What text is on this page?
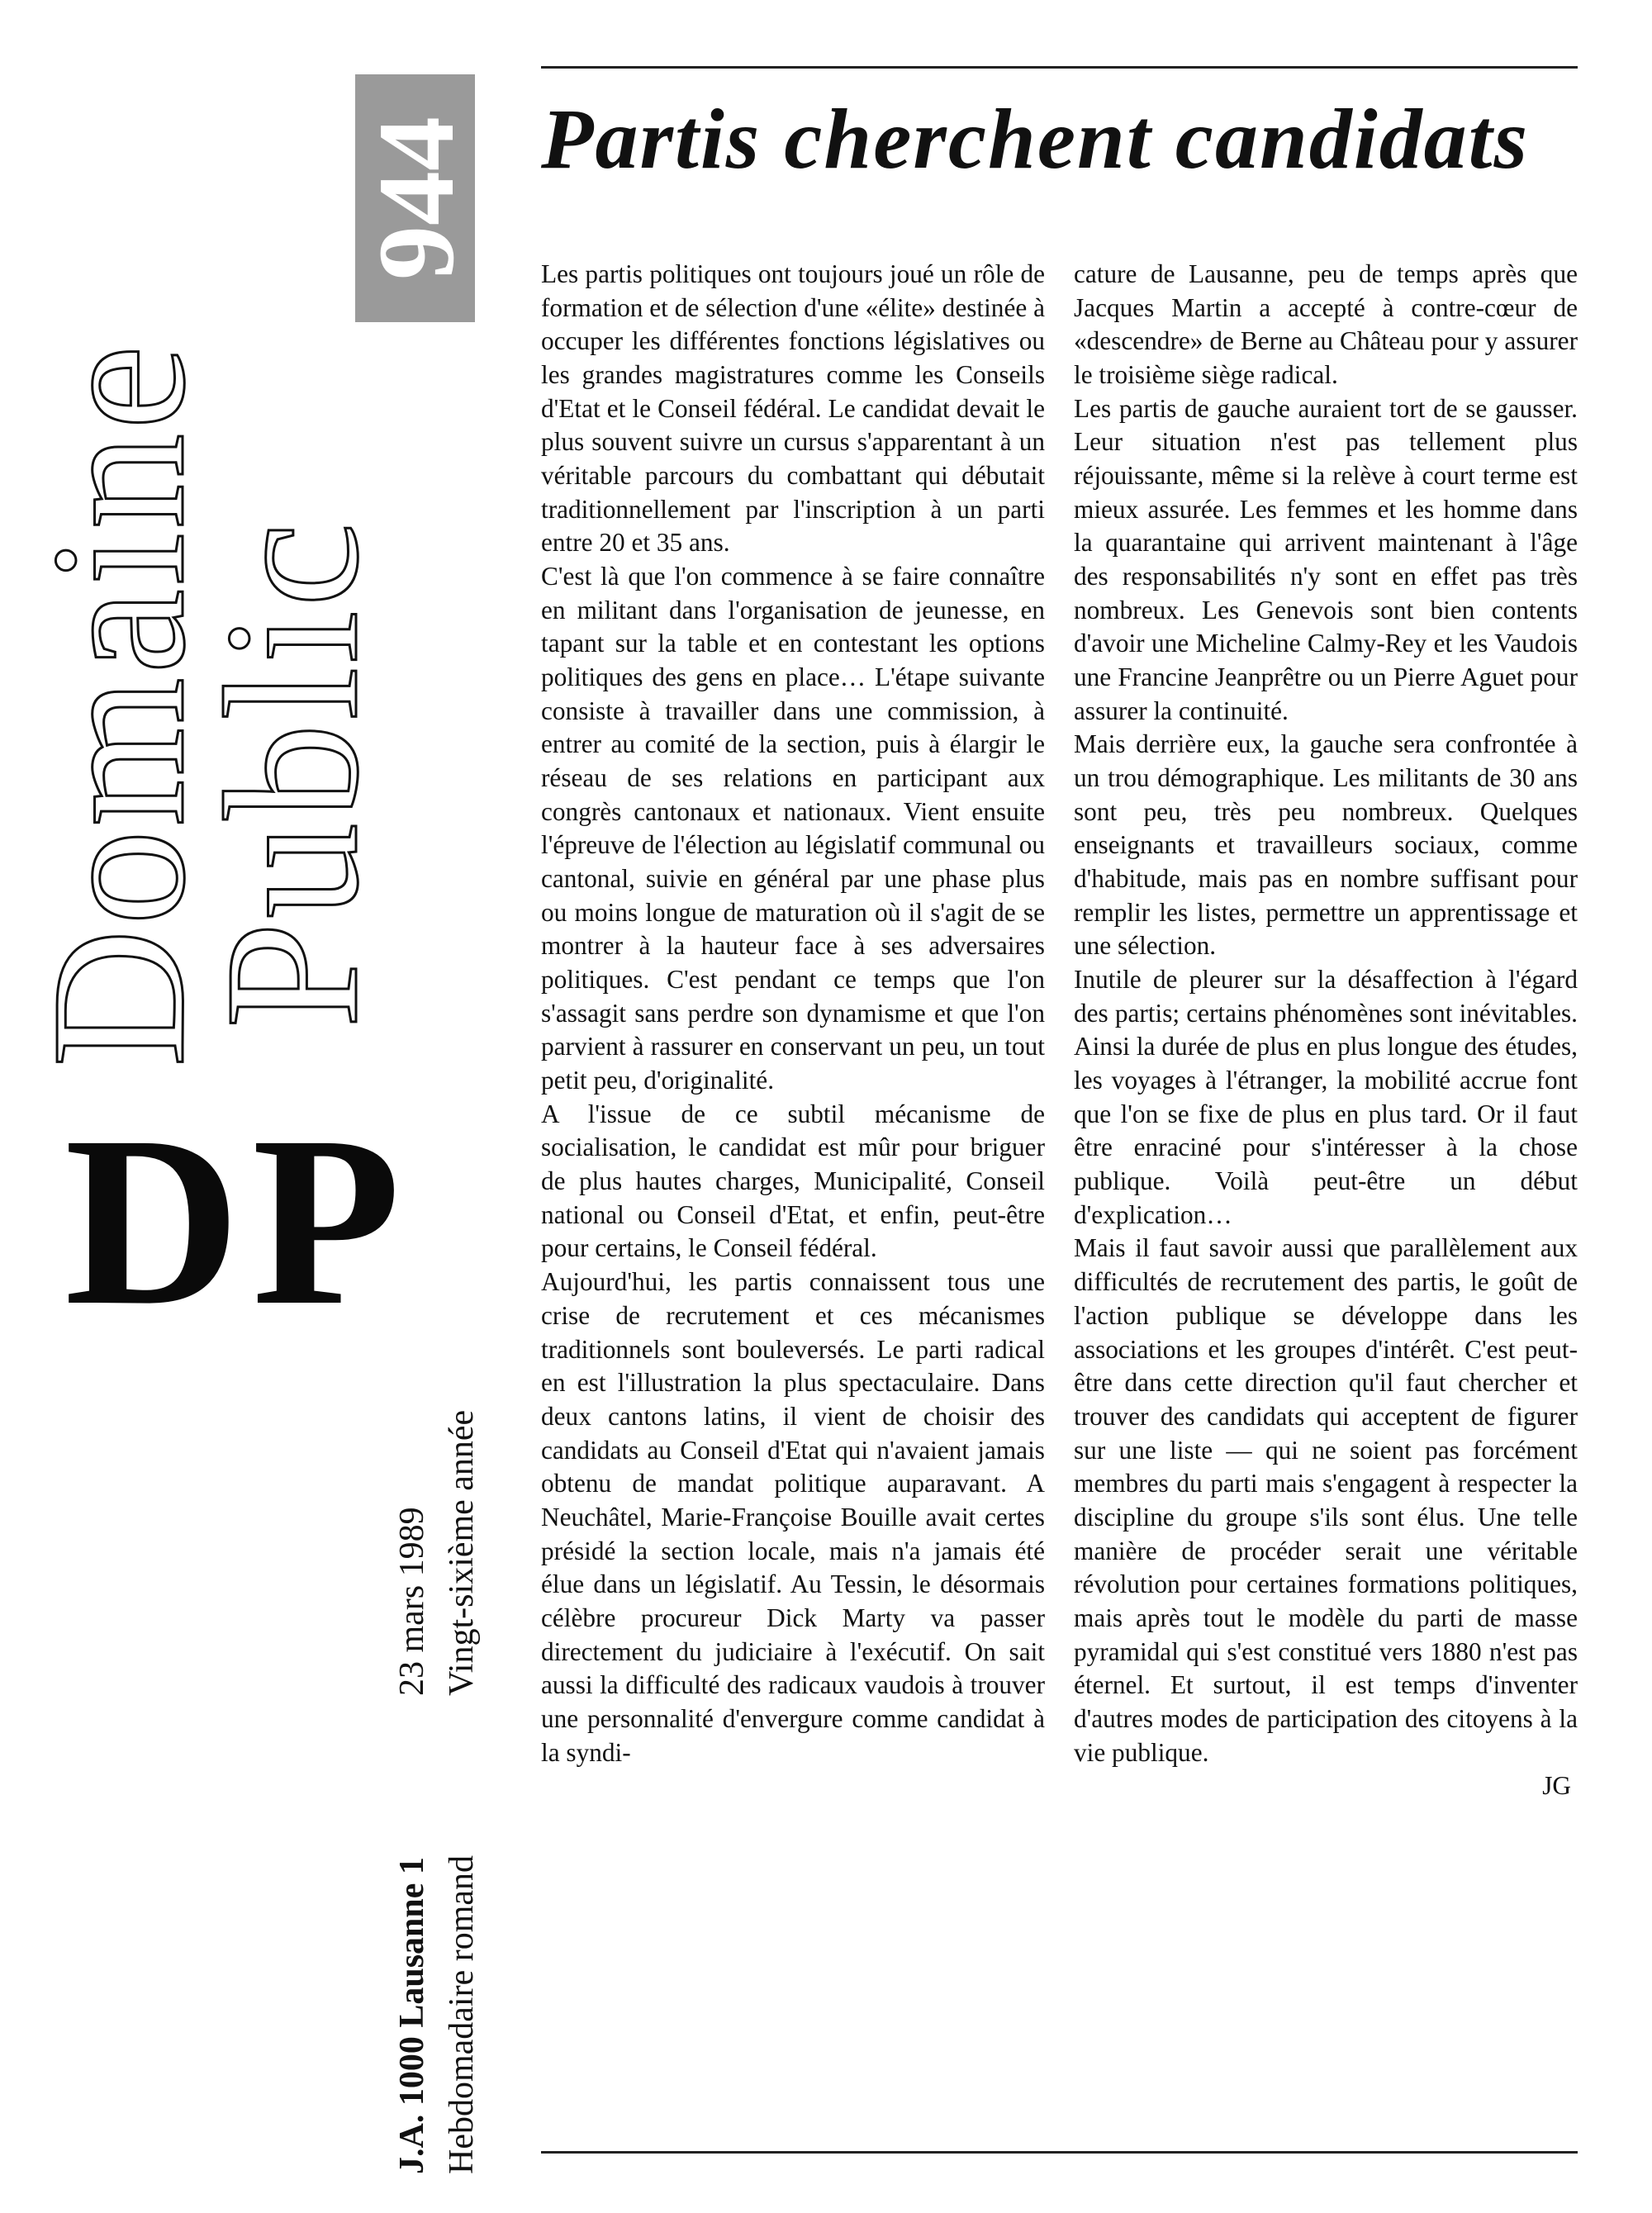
Domaine
Public
944
DP
J.A. 1000 Lausanne 1 Hebdomadaire romand
23 mars 1989 Vingt-sixième année
Partis cherchent candidats

Les partis politiques ont toujours joué un rôle de formation et de sélection d'une «élite» destinée à occuper les différentes fonctions législatives ou les grandes magistratures comme les Conseils d'Etat et le Conseil fédéral. Le candidat devait le plus souvent suivre un cursus s'apparentant à un véritable parcours du combattant qui débutait traditionnellement par l'inscription à un parti entre 20 et 35 ans.

C'est là que l'on commence à se faire connaître en militant dans l'organisation de jeunesse, en tapant sur la table et en contestant les options politiques des gens en place… L'étape suivante consiste à travailler dans une commission, à entrer au comité de la section, puis à élargir le réseau de ses relations en participant aux congrès cantonaux et nationaux. Vient ensuite l'épreuve de l'élection au législatif communal ou cantonal, suivie en général par une phase plus ou moins longue de maturation où il s'agit de se montrer à la hauteur face à ses adversaires politiques. C'est pendant ce temps que l'on s'assagit sans perdre son dynamisme et que l'on parvient à rassurer en conservant un peu, un tout petit peu, d'originalité.

A l'issue de ce subtil mécanisme de socialisation, le candidat est mûr pour briguer de plus hautes charges, Municipalité, Conseil national ou Conseil d'Etat, et enfin, peut-être pour certains, le Conseil fédéral.

Aujourd'hui, les partis connaissent tous une crise de recrutement et ces mécanismes traditionnels sont bouleversés. Le parti radical en est l'illustration la plus spectaculaire. Dans deux cantons latins, il vient de choisir des candidats au Conseil d'Etat qui n'avaient jamais obtenu de mandat politique auparavant. A Neuchâtel, Marie-Françoise Bouille avait certes présidé la section locale, mais n'a jamais été élue dans un législatif. Au Tessin, le désormais célèbre procureur Dick Marty va passer directement du judiciaire à l'exécutif. On sait aussi la difficulté des radicaux vaudois à trouver une personnalité d'envergure comme candidat à la syndi-

cature de Lausanne, peu de temps après que Jacques Martin a accepté à contre-cœur de «descendre» de Berne au Château pour y assurer le troisième siège radical.

Les partis de gauche auraient tort de se gausser. Leur situation n'est pas tellement plus réjouissante, même si la relève à court terme est mieux assurée. Les femmes et les homme dans la quarantaine qui arrivent maintenant à l'âge des responsabilités n'y sont en effet pas très nombreux. Les Genevois sont bien contents d'avoir une Micheline Calmy-Rey et les Vaudois une Francine Jeanprêtre ou un Pierre Aguet pour assurer la continuité.

Mais derrière eux, la gauche sera confrontée à un trou démographique. Les militants de 30 ans sont peu, très peu nombreux. Quelques enseignants et travailleurs sociaux, comme d'habitude, mais pas en nombre suffisant pour remplir les listes, permettre un apprentissage et une sélection.

Inutile de pleurer sur la désaffection à l'égard des partis; certains phénomènes sont inévitables. Ainsi la durée de plus en plus longue des études, les voyages à l'étranger, la mobilité accrue font que l'on se fixe de plus en plus tard. Or il faut être enraciné pour s'intéresser à la chose publique. Voilà peut-être un début d'explication…

Mais il faut savoir aussi que parallèlement aux difficultés de recrutement des partis, le goût de l'action publique se développe dans les associations et les groupes d'intérêt. C'est peut-être dans cette direction qu'il faut chercher et trouver des candidats qui acceptent de figurer sur une liste — qui ne soient pas forcément membres du parti mais s'engagent à respecter la discipline du groupe s'ils sont élus. Une telle manière de procéder serait une véritable révolution pour certaines formations politiques, mais après tout le modèle du parti de masse pyramidal qui s'est constitué vers 1880 n'est pas éternel. Et surtout, il est temps d'inventer d'autres modes de participation des citoyens à la vie publique.

JG
